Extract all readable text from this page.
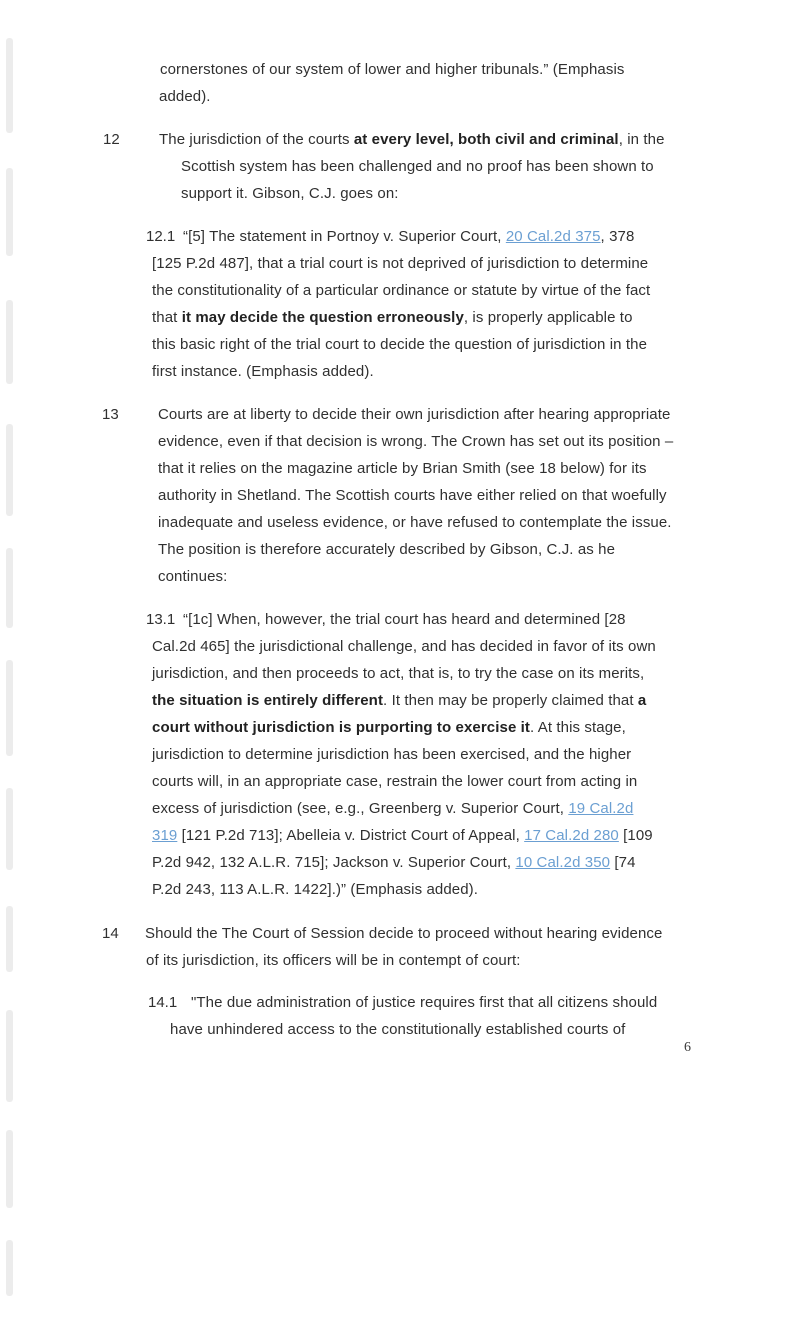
cornerstones of our system of lower and higher tribunals.” (Emphasis
added).
12	The jurisdiction of the courts at every level, both civil and criminal, in the
Scottish system has been challenged and no proof has been shown to
support it. Gibson, C.J. goes on:
12.1 “[5] The statement in Portnoy v. Superior Court, 20 Cal.2d 375, 378
[125 P.2d 487], that a trial court is not deprived of jurisdiction to determine
the constitutionality of a particular ordinance or statute by virtue of the fact
that it may decide the question erroneously, is properly applicable to
this basic right of the trial court to decide the question of jurisdiction in the
first instance. (Emphasis added).
13	Courts are at liberty to decide their own jurisdiction after hearing appropriate
evidence, even if that decision is wrong. The Crown has set out its position –
that it relies on the magazine article by Brian Smith (see 18 below) for its
authority in Shetland. The Scottish courts have either relied on that woefully
inadequate and useless evidence, or have refused to contemplate the issue.
The position is therefore accurately described by Gibson, C.J. as he
continues:
13.1 “[1c] When, however, the trial court has heard and determined [28
Cal.2d 465] the jurisdictional challenge, and has decided in favor of its own
jurisdiction, and then proceeds to act, that is, to try the case on its merits,
the situation is entirely different. It then may be properly claimed that a
court without jurisdiction is purporting to exercise it. At this stage,
jurisdiction to determine jurisdiction has been exercised, and the higher
courts will, in an appropriate case, restrain the lower court from acting in
excess of jurisdiction (see, e.g., Greenberg v. Superior Court, 19 Cal.2d
319 [121 P.2d 713]; Abelleia v. District Court of Appeal, 17 Cal.2d 280 [109
P.2d 942, 132 A.L.R. 715]; Jackson v. Superior Court, 10 Cal.2d 350 [74
P.2d 243, 113 A.L.R. 1422].)” (Emphasis added).
14	Should the The Court of Session decide to proceed without hearing evidence
of its jurisdiction, its officers will be in contempt of court:
14.1 "The due administration of justice requires first that all citizens should
have unhindered access to the constitutionally established courts of
6
